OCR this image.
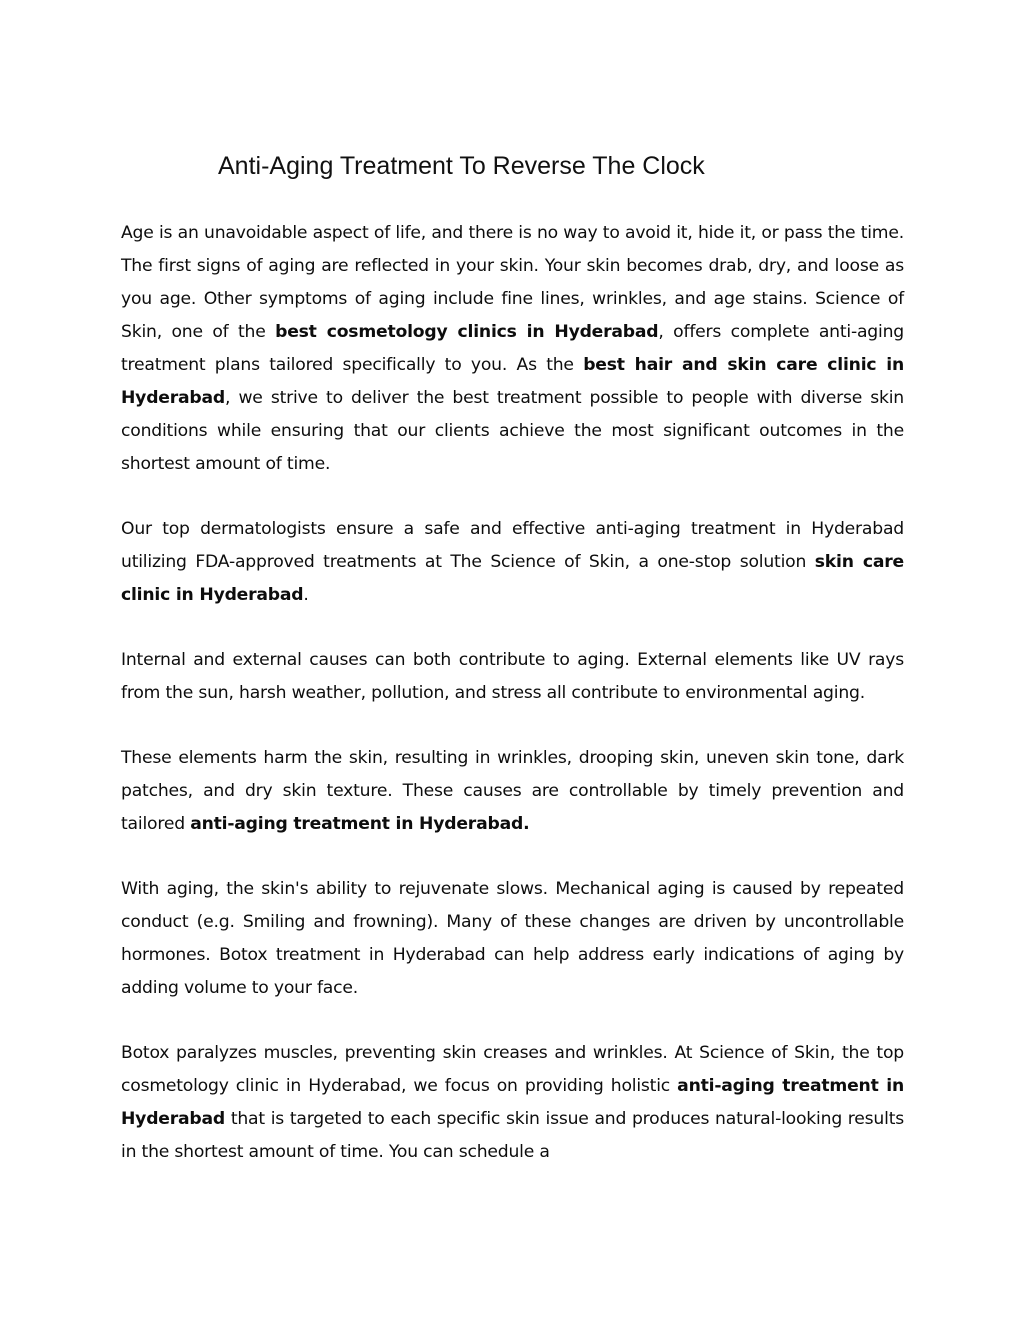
Anti-Aging Treatment To Reverse The Clock

Age is an unavoidable aspect of life, and there is no way to avoid it, hide it, or pass the time. The first signs of aging are reflected in your skin. Your skin becomes drab, dry, and loose as you age. Other symptoms of aging include fine lines, wrinkles, and age stains. Science of Skin, one of the best cosmetology clinics in Hyderabad, offers complete anti-aging treatment plans tailored specifically to you. As the best hair and skin care clinic in Hyderabad, we strive to deliver the best treatment possible to people with diverse skin conditions while ensuring that our clients achieve the most significant outcomes in the shortest amount of time.

Our top dermatologists ensure a safe and effective anti-aging treatment in Hyderabad utilizing FDA-approved treatments at The Science of Skin, a one-stop solution skin care clinic in Hyderabad.

Internal and external causes can both contribute to aging. External elements like UV rays from the sun, harsh weather, pollution, and stress all contribute to environmental aging.

These elements harm the skin, resulting in wrinkles, drooping skin, uneven skin tone, dark patches, and dry skin texture. These causes are controllable by timely prevention and tailored anti-aging treatment in Hyderabad.

With aging, the skin's ability to rejuvenate slows. Mechanical aging is caused by repeated conduct (e.g. Smiling and frowning). Many of these changes are driven by uncontrollable hormones. Botox treatment in Hyderabad can help address early indications of aging by adding volume to your face.

Botox paralyzes muscles, preventing skin creases and wrinkles. At Science of Skin, the top cosmetology clinic in Hyderabad, we focus on providing holistic anti-aging treatment in Hyderabad that is targeted to each specific skin issue and produces natural-looking results in the shortest amount of time. You can schedule a
